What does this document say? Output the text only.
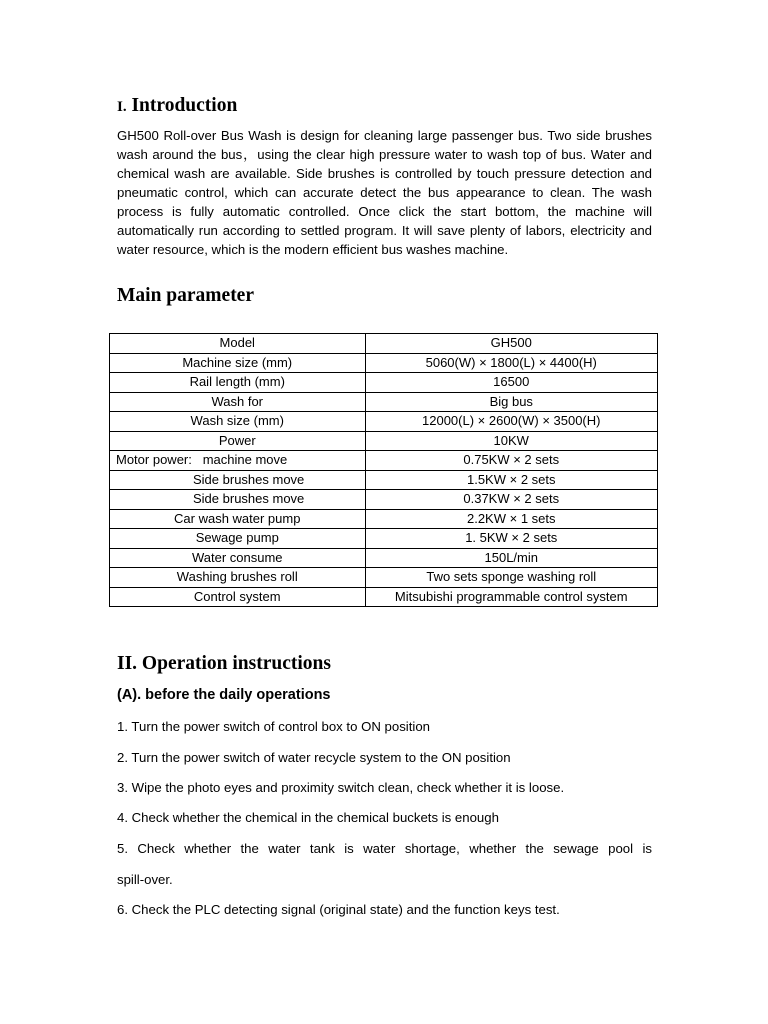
I. Introduction

GH500 Roll-over Bus Wash is design for cleaning large passenger bus. Two side brushes wash around the bus，using the clear high pressure water to wash top of bus. Water and chemical wash are available. Side brushes is controlled by touch pressure detection and pneumatic control, which can accurate detect the bus appearance to clean. The wash process is fully automatic controlled. Once click the start bottom, the machine will automatically run according to settled program. It will save plenty of labors, electricity and water resource, which is the modern efficient bus washes machine.

Main parameter
Model	GH500
Machine size (mm)	5060(W) × 1800(L) × 4400(H)
Rail length (mm)	16500
Wash for	Big bus
Wash size (mm)	12000(L) × 2600(W) × 3500(H)
Power	10KW
Motor power:   machine move	0.75KW × 2 sets
Side brushes move	1.5KW × 2 sets
Side brushes move	0.37KW × 2 sets
Car wash water pump	2.2KW × 1 sets
Sewage pump	1. 5KW × 2 sets
Water consume	150L/min
Washing brushes roll	Two sets sponge washing roll
Control system	Mitsubishi programmable control system
II. Operation instructions
(A). before the daily operations

1. Turn the power switch of control box to ON position

2. Turn the power switch of water recycle system to the ON position

3. Wipe the photo eyes and proximity switch clean, check whether it is loose.

4. Check whether the chemical in the chemical buckets is enough

5. Check whether the water tank is water shortage, whether the sewage pool is

spill-over.

6. Check the PLC detecting signal (original state) and the function keys test.
